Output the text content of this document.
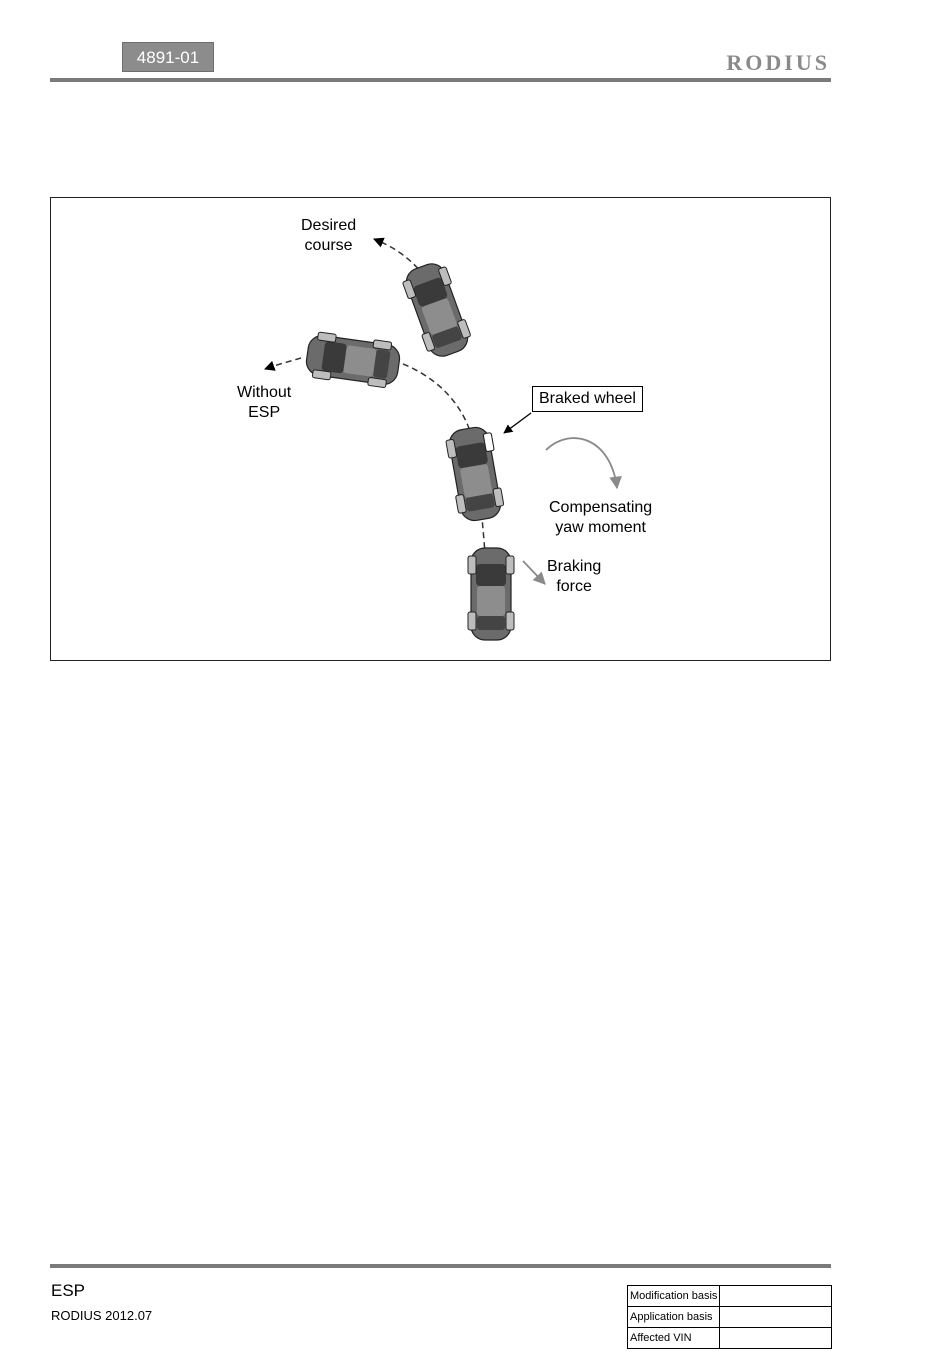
4891-01	RODIUS
Desired
course
Without
ESP
Braked wheel
Compensating
yaw moment
Braking
force
ESP
RODIUS 2012.07
Modification basis	
Application basis	
Affected VIN	
